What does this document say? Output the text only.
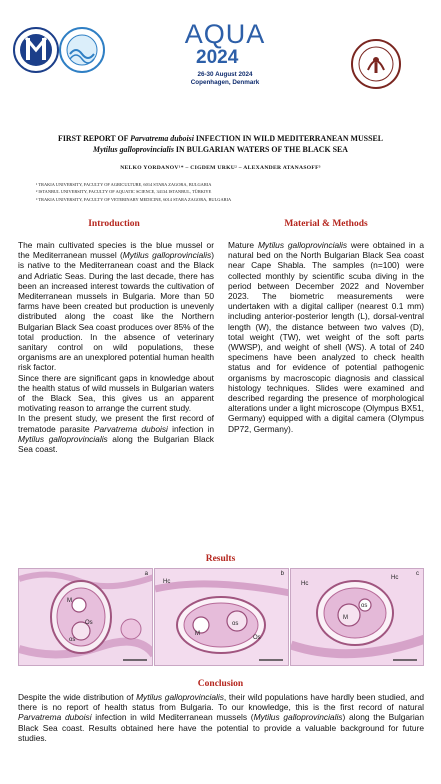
AQUA
2024
26-30 August 2024
Copenhagen, Denmark
FIRST REPORT OF Parvatrema duboisi INFECTION IN WILD MEDITERRANEAN MUSSEL
Mytilus galloprovincialis IN BULGARIAN WATERS OF THE BLACK SEA
NELKO YORDANOV¹* – CIGDEM URKU² – ALEXANDER ATANASOFF³
¹ TRAKIA UNIVERSITY, FACULTY OF AGRICULTURE, 6014 STARA ZAGORA, BULGARIA
² ISTANBUL UNIVERSITY, FACULTY OF AQUATIC SCIENCE, 34134 ISTANBUL, TÜRKIYE
³ TRAKIA UNIVERSITY, FACULTY OF VETERINARY MEDICINE, 6014 STARA ZAGORA, BULGARIA
Introduction

The main cultivated species is the blue mussel or the Mediterranean mussel (Mytilus galloprovincialis) is native to the Mediterranean coast and the Black and Adriatic Seas. During the last decade, there has been an increased interest towards the cultivation of Mediterranean mussels in Bulgaria. More than 50 farms have been created but production is unevenly distributed along the coast like the Northern Bulgarian Black Sea coast produces over 85% of the total production. In the absence of veterinary sanitary control on wild populations, these organisms are an unexplored potential human health risk factor.

Since there are significant gaps in knowledge about the health status of wild mussels in Bulgarian waters of the Black Sea, this gives us an apparent motivating reason to arrange the current study.

In the present study, we present the first record of trematode parasite Parvatrema duboisi infection in Mytilus galloprovincialis along the Bulgarian Black Sea coast.

Material & Methods

Mature Mytilus galloprovincialis were obtained in a natural bed on the North Bulgarian Black Sea coast near Cape Shabla. The samples (n=100) were collected monthly by scientific scuba diving in the period between December 2022 and November 2023. The biometric measurements were undertaken with a digital calliper (nearest 0.1 mm) including anterior-posterior length (L), dorsal-ventral length (W), the distance between two valves (D), total weight (TW), wet weight of the soft parts (WWSP), and weight of shell (WS). A total of 240 specimens have been analyzed to check health status and for evidence of potential pathogenic organisms by macroscopic diagnosis and classical histology techniques. Slides were examined and described regarding the presence of morphological alterations under a light microscope (Olympus BX51, Germany) equipped with a digital camera (Olympus DP72, Germany).

Results
M
Os
os
a
Hc
M
os
Os
b
Hc
M
os
Hc
c
Conclusion
Despite the wide distribution of Mytilus galloprovincialis, their wild populations have hardly been studied, and there is no report of health status from Bulgaria. To our knowledge, this is the first record of natural Parvatrema duboisi infection in wild Mediterranean mussels (Mytilus galloprovincialis) along the Bulgarian Black Sea coast. Results obtained here have the potential to provide a valuable background for future studies.
